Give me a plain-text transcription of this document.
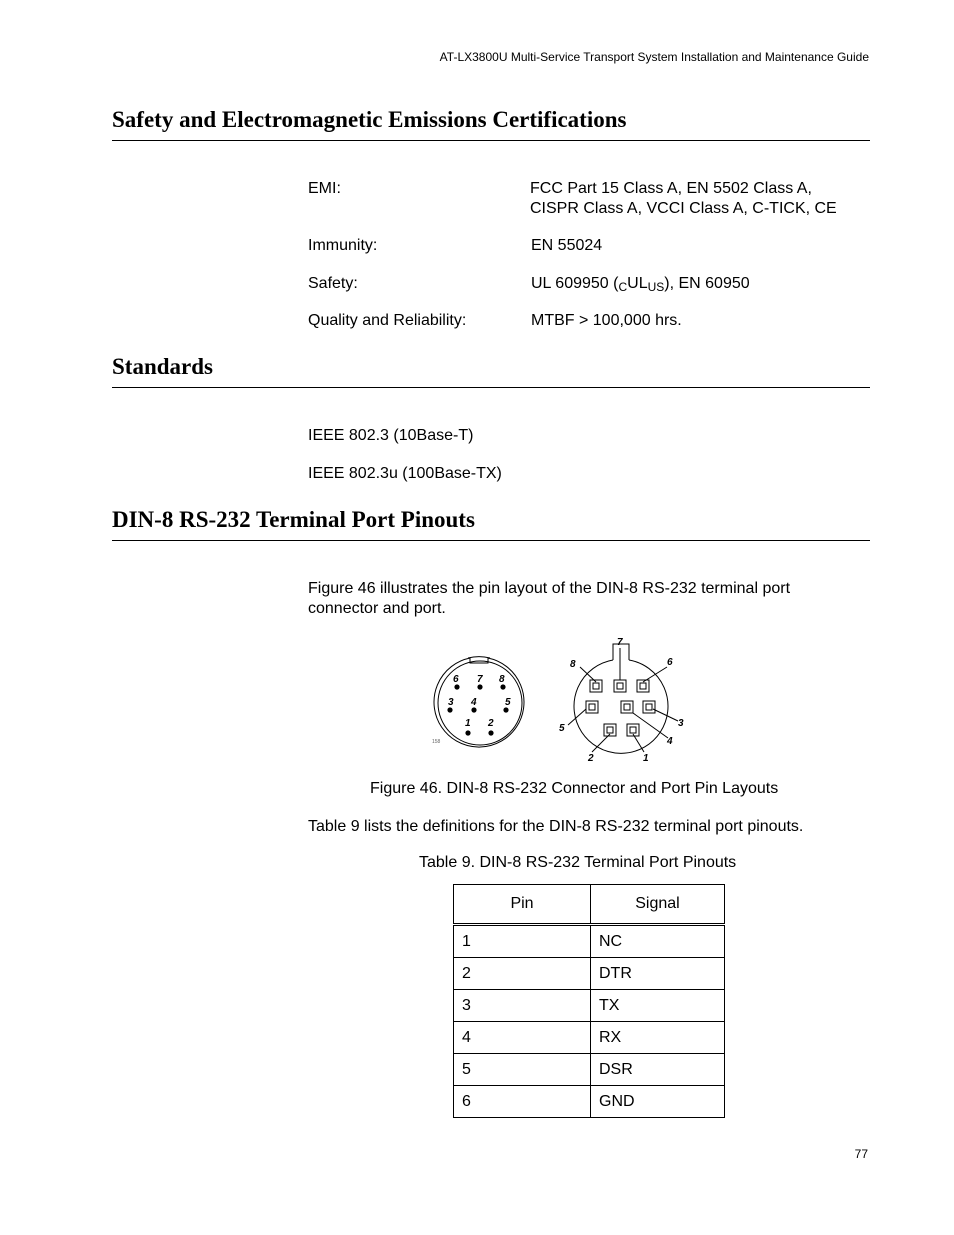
AT-LX3800U Multi-Service Transport System Installation and Maintenance Guide
Safety and Electromagnetic Emissions Certifications
EMI:	FCC Part 15 Class A, EN 5502 Class A,
CISPR Class A, VCCI Class A, C-TICK, CE
Immunity:	EN 55024
Safety:	UL 609950 $(_CUL_{US})$, EN 60950
Quality and Reliability:	MTBF > 100,000 hrs.
Standards
IEEE 802.3 (10Base-T)
IEEE 802.3u (100Base-TX)
DIN-8 RS-232 Terminal Port Pinouts
Figure 46 illustrates the pin layout of the DIN-8 RS-232 terminal port
connector and port.
6 7 8
3 4	5
1 2
158
7
8	6
5	3
4
2	1
Figure 46. DIN-8 RS-232 Connector and Port Pin Layouts
Table 9 lists the definitions for the DIN-8 RS-232 terminal port pinouts.
Table 9. DIN-8 RS-232 Terminal Port Pinouts
Pin	Signal
1	NC
2	DTR
3	TX
4	RX
5	DSR
6	GND
77
